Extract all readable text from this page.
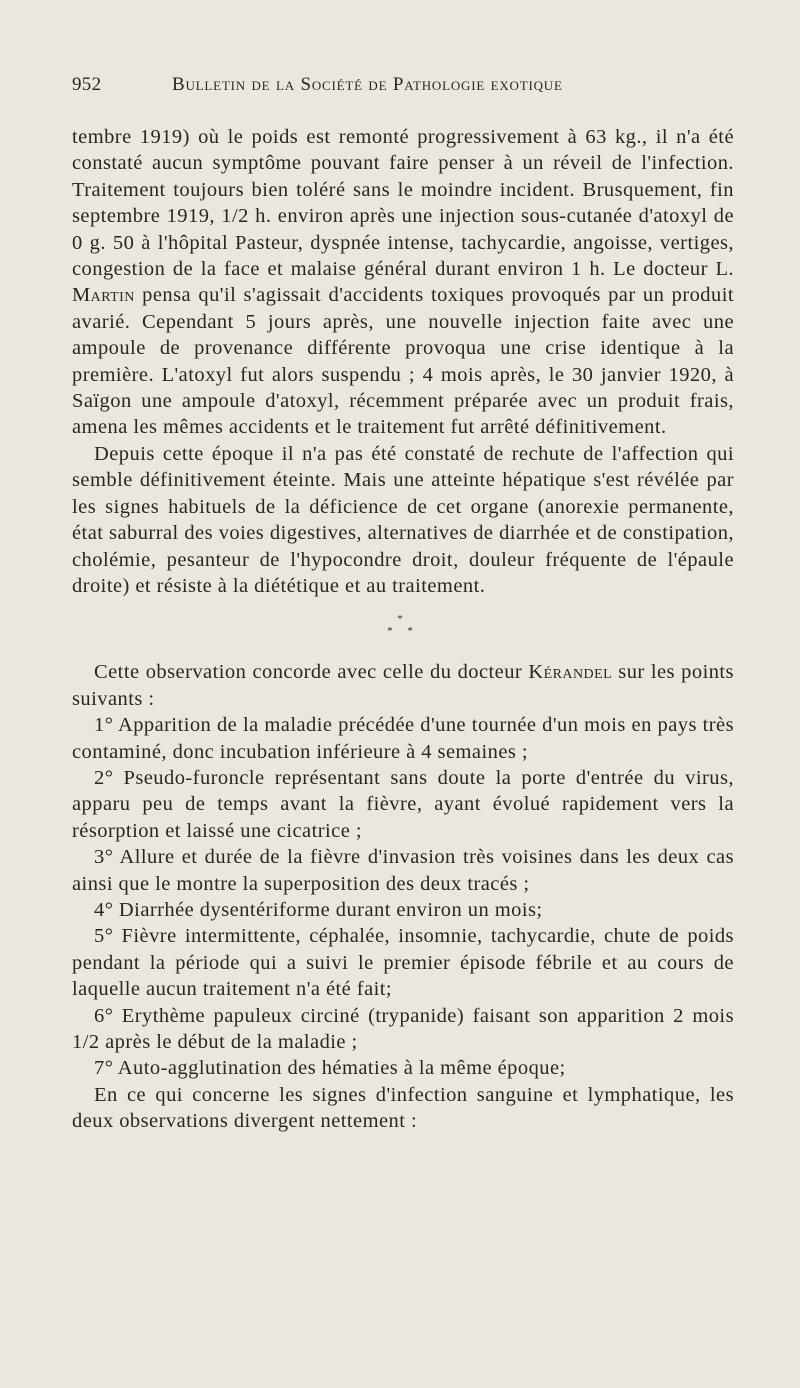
952	Bulletin de la Société de Pathologie exotique

tembre 1919) où le poids est remonté progressivement à 63 kg., il n'a été constaté aucun symptôme pouvant faire penser à un réveil de l'infection. Traitement toujours bien toléré sans le moindre incident. Brusquement, fin septembre 1919, 1/2 h. environ après une injection sous-cutanée d'atoxyl de 0 g. 50 à l'hôpital Pasteur, dyspnée intense, tachycardie, angoisse, vertiges, congestion de la face et malaise général durant environ 1 h. Le docteur L. Martin pensa qu'il s'agissait d'accidents toxiques provoqués par un produit avarié. Cependant 5 jours après, une nouvelle injection faite avec une ampoule de provenance différente provoqua une crise identique à la première. L'atoxyl fut alors suspendu ; 4 mois après, le 30 janvier 1920, à Saïgon une ampoule d'atoxyl, récemment préparée avec un produit frais, amena les mêmes accidents et le traitement fut arrêté définitivement.

Depuis cette époque il n'a pas été constaté de rechute de l'affection qui semble définitivement éteinte. Mais une atteinte hépatique s'est révélée par les signes habituels de la déficience de cet organe (anorexie permanente, état saburral des voies digestives, alternatives de diarrhée et de constipation, cholémie, pesanteur de l'hypocondre droit, douleur fréquente de l'épaule droite) et résiste à la diététique et au traitement.

*
* *

Cette observation concorde avec celle du docteur Kérandel sur les points suivants :

1° Apparition de la maladie précédée d'une tournée d'un mois en pays très contaminé, donc incubation inférieure à 4 semaines ;

2° Pseudo-furoncle représentant sans doute la porte d'entrée du virus, apparu peu de temps avant la fièvre, ayant évolué rapidement vers la résorption et laissé une cicatrice ;

3° Allure et durée de la fièvre d'invasion très voisines dans les deux cas ainsi que le montre la superposition des deux tracés ;

4° Diarrhée dysentériforme durant environ un mois;

5° Fièvre intermittente, céphalée, insomnie, tachycardie, chute de poids pendant la période qui a suivi le premier épisode fébrile et au cours de laquelle aucun traitement n'a été fait;

6° Erythème papuleux circiné (trypanide) faisant son apparition 2 mois 1/2 après le début de la maladie ;

7° Auto-agglutination des hématies à la même époque;

En ce qui concerne les signes d'infection sanguine et lymphatique, les deux observations divergent nettement :
